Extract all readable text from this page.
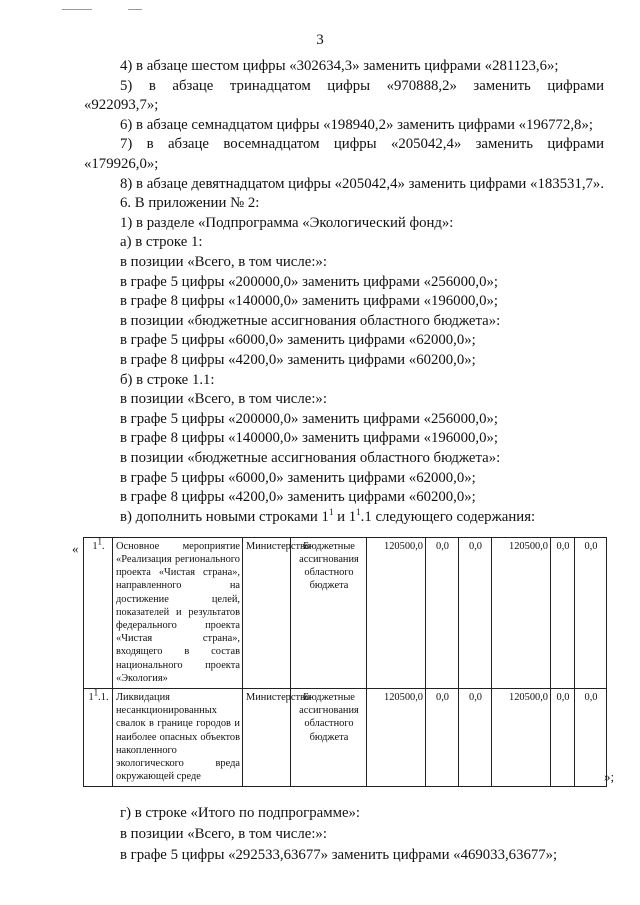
3
4) в абзаце шестом цифры «302634,3» заменить цифрами «281123,6»;
5) в абзаце тринадцатом цифры «970888,2» заменить цифрами
«922093,7»;
6) в абзаце семнадцатом цифры «198940,2» заменить цифрами «196772,8»;
7) в абзаце восемнадцатом цифры «205042,4» заменить цифрами
«179926,0»;
8) в абзаце девятнадцатом цифры «205042,4» заменить цифрами «183531,7».
6. В приложении № 2:
1) в разделе «Подпрограмма «Экологический фонд»:
а) в строке 1:
в позиции «Всего, в том числе:»:
в графе 5 цифры «200000,0» заменить цифрами «256000,0»;
в графе 8 цифры «140000,0» заменить цифрами «196000,0»;
в позиции «бюджетные ассигнования областного бюджета»:
в графе 5 цифры «6000,0» заменить цифрами «62000,0»;
в графе 8 цифры «4200,0» заменить цифрами «60200,0»;
б) в строке 1.1:
в позиции «Всего, в том числе:»:
в графе 5 цифры «200000,0» заменить цифрами «256000,0»;
в графе 8 цифры «140000,0» заменить цифрами «196000,0»;
в позиции «бюджетные ассигнования областного бюджета»:
в графе 5 цифры «6000,0» заменить цифрами «62000,0»;
в графе 8 цифры «4200,0» заменить цифрами «60200,0»;
в) дополнить новыми строками $1^1$ и $1^1.1$ следующего содержания:
« $1^1$.	Основное мероприятие «Реализация регионального проекта «Чистая страна», направленного на достижение целей, показателей и результатов федерального проекта «Чистая страна», входящего в состав национального проекта «Экология»	Министерство	Бюджетные ассигнования областного бюджета	120500,0	0,0	0,0	120500,0	0,0	0,0
$1^1.1$.	Ликвидация несанкционированных свалок в границе городов и наиболее опасных объектов накопленного экологического вреда окружающей среде	Министерство	Бюджетные ассигнования областного бюджета	120500,0	0,0	0,0	120500,0	0,0	0,0
»;
г) в строке «Итого по подпрограмме»:
в позиции «Всего, в том числе:»:
в графе 5 цифры «292533,63677» заменить цифрами «469033,63677»;
